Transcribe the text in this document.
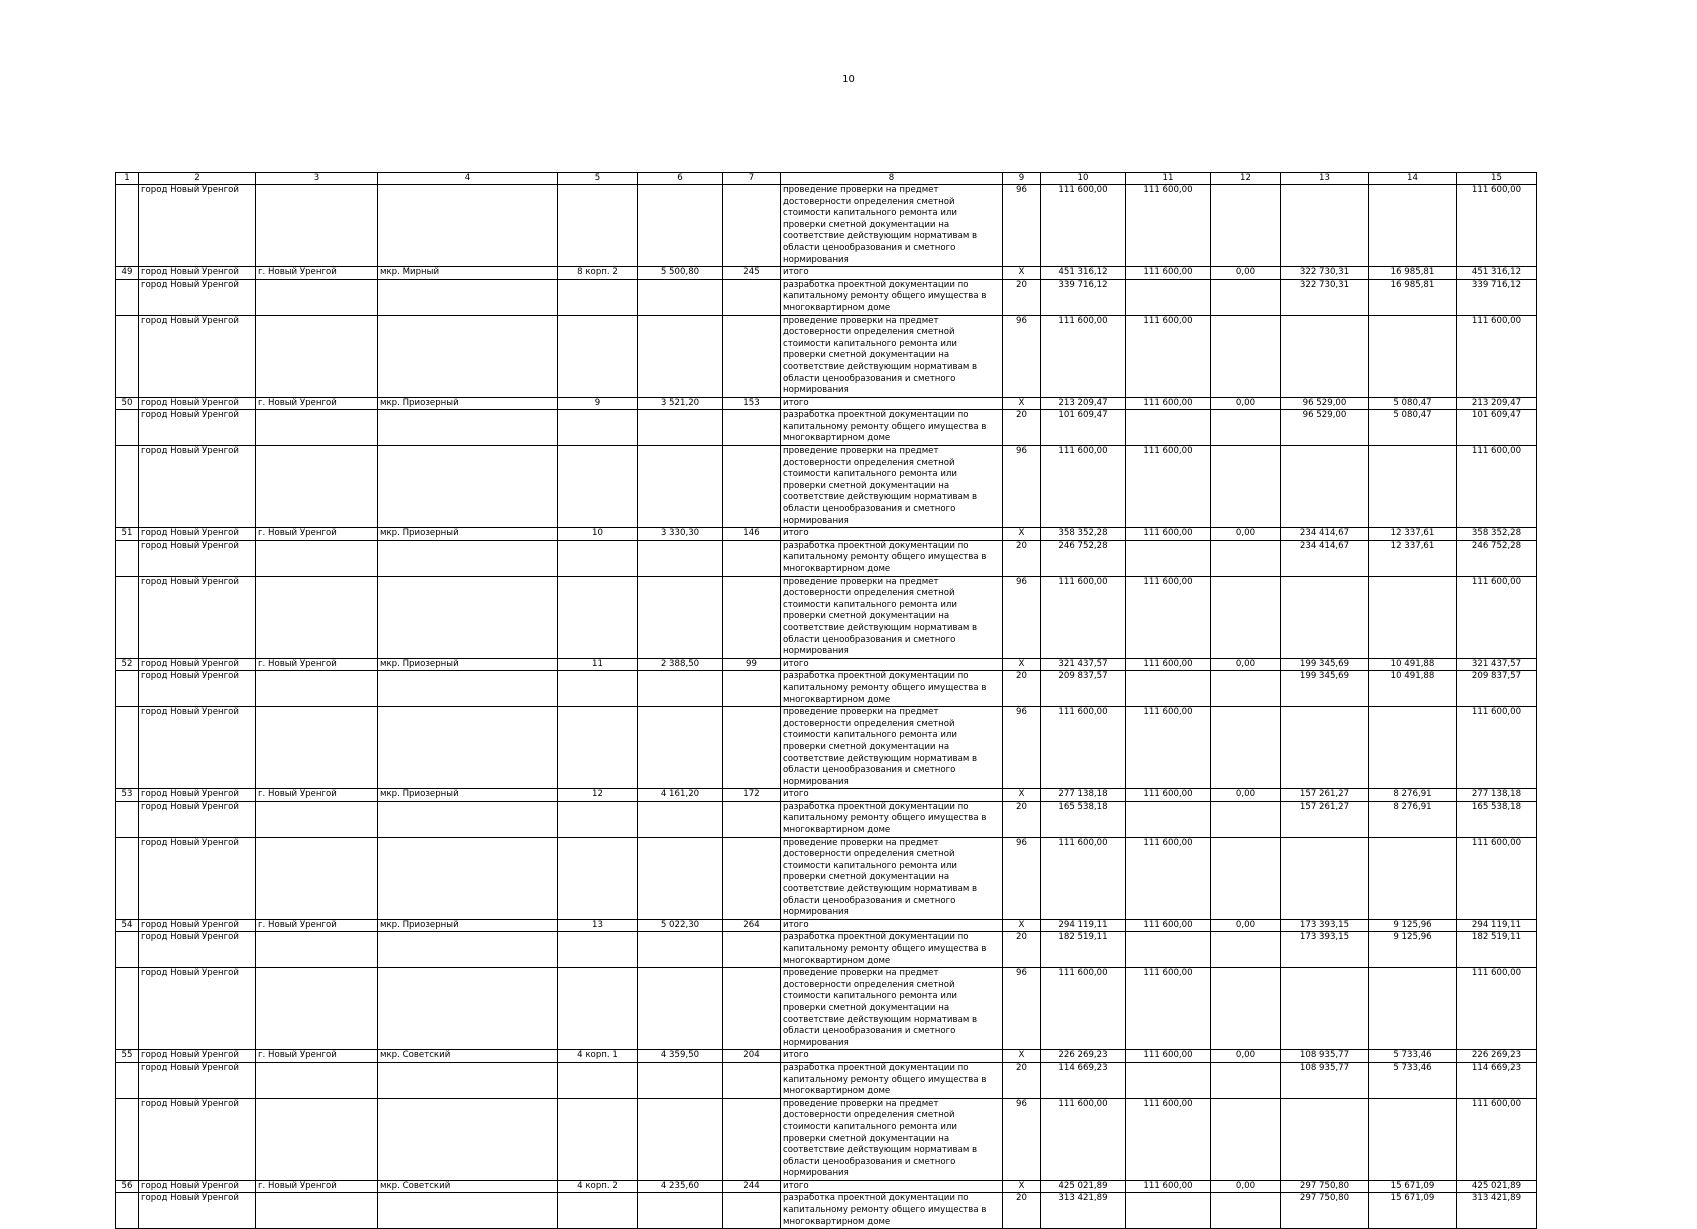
10
1	2	3	4	5	6	7	8	9	10	11	12	13	14	15
	город Новый Уренгой						проведение проверки на предмет достоверности определения сметной стоимости капитального ремонта или проверки сметной документации на соответствие действующим нормативам в области ценообразования и сметного нормирования	96	111 600,00	111 600,00				111 600,00
49	город Новый Уренгой	г. Новый Уренгой	мкр. Мирный	8 корп. 2	5 500,80	245	итого	X	451 316,12	111 600,00	0,00	322 730,31	16 985,81	451 316,12
	город Новый Уренгой						разработка проектной документации по капитальному ремонту общего имущества в многоквартирном доме	20	339 716,12			322 730,31	16 985,81	339 716,12
	город Новый Уренгой						проведение проверки на предмет достоверности определения сметной стоимости капитального ремонта или проверки сметной документации на соответствие действующим нормативам в области ценообразования и сметного нормирования	96	111 600,00	111 600,00				111 600,00
50	город Новый Уренгой	г. Новый Уренгой	мкр. Приозерный	9	3 521,20	153	итого	X	213 209,47	111 600,00	0,00	96 529,00	5 080,47	213 209,47
	город Новый Уренгой						разработка проектной документации по капитальному ремонту общего имущества в многоквартирном доме	20	101 609,47			96 529,00	5 080,47	101 609,47
	город Новый Уренгой						проведение проверки на предмет достоверности определения сметной стоимости капитального ремонта или проверки сметной документации на соответствие действующим нормативам в области ценообразования и сметного нормирования	96	111 600,00	111 600,00				111 600,00
51	город Новый Уренгой	г. Новый Уренгой	мкр. Приозерный	10	3 330,30	146	итого	X	358 352,28	111 600,00	0,00	234 414,67	12 337,61	358 352,28
	город Новый Уренгой						разработка проектной документации по капитальному ремонту общего имущества в многоквартирном доме	20	246 752,28			234 414,67	12 337,61	246 752,28
	город Новый Уренгой						проведение проверки на предмет достоверности определения сметной стоимости капитального ремонта или проверки сметной документации на соответствие действующим нормативам в области ценообразования и сметного нормирования	96	111 600,00	111 600,00				111 600,00
52	город Новый Уренгой	г. Новый Уренгой	мкр. Приозерный	11	2 388,50	99	итого	X	321 437,57	111 600,00	0,00	199 345,69	10 491,88	321 437,57
	город Новый Уренгой						разработка проектной документации по капитальному ремонту общего имущества в многоквартирном доме	20	209 837,57			199 345,69	10 491,88	209 837,57
	город Новый Уренгой						проведение проверки на предмет достоверности определения сметной стоимости капитального ремонта или проверки сметной документации на соответствие действующим нормативам в области ценообразования и сметного нормирования	96	111 600,00	111 600,00				111 600,00
53	город Новый Уренгой	г. Новый Уренгой	мкр. Приозерный	12	4 161,20	172	итого	X	277 138,18	111 600,00	0,00	157 261,27	8 276,91	277 138,18
	город Новый Уренгой						разработка проектной документации по капитальному ремонту общего имущества в многоквартирном доме	20	165 538,18			157 261,27	8 276,91	165 538,18
	город Новый Уренгой						проведение проверки на предмет достоверности определения сметной стоимости капитального ремонта или проверки сметной документации на соответствие действующим нормативам в области ценообразования и сметного нормирования	96	111 600,00	111 600,00				111 600,00
54	город Новый Уренгой	г. Новый Уренгой	мкр. Приозерный	13	5 022,30	264	итого	X	294 119,11	111 600,00	0,00	173 393,15	9 125,96	294 119,11
	город Новый Уренгой						разработка проектной документации по капитальному ремонту общего имущества в многоквартирном доме	20	182 519,11			173 393,15	9 125,96	182 519,11
	город Новый Уренгой						проведение проверки на предмет достоверности определения сметной стоимости капитального ремонта или проверки сметной документации на соответствие действующим нормативам в области ценообразования и сметного нормирования	96	111 600,00	111 600,00				111 600,00
55	город Новый Уренгой	г. Новый Уренгой	мкр. Советский	4 корп. 1	4 359,50	204	итого	X	226 269,23	111 600,00	0,00	108 935,77	5 733,46	226 269,23
	город Новый Уренгой						разработка проектной документации по капитальному ремонту общего имущества в многоквартирном доме	20	114 669,23			108 935,77	5 733,46	114 669,23
	город Новый Уренгой						проведение проверки на предмет достоверности определения сметной стоимости капитального ремонта или проверки сметной документации на соответствие действующим нормативам в области ценообразования и сметного нормирования	96	111 600,00	111 600,00				111 600,00
56	город Новый Уренгой	г. Новый Уренгой	мкр. Советский	4 корп. 2	4 235,60	244	итого	X	425 021,89	111 600,00	0,00	297 750,80	15 671,09	425 021,89
	город Новый Уренгой						разработка проектной документации по капитальному ремонту общего имущества в многоквартирном доме	20	313 421,89			297 750,80	15 671,09	313 421,89
